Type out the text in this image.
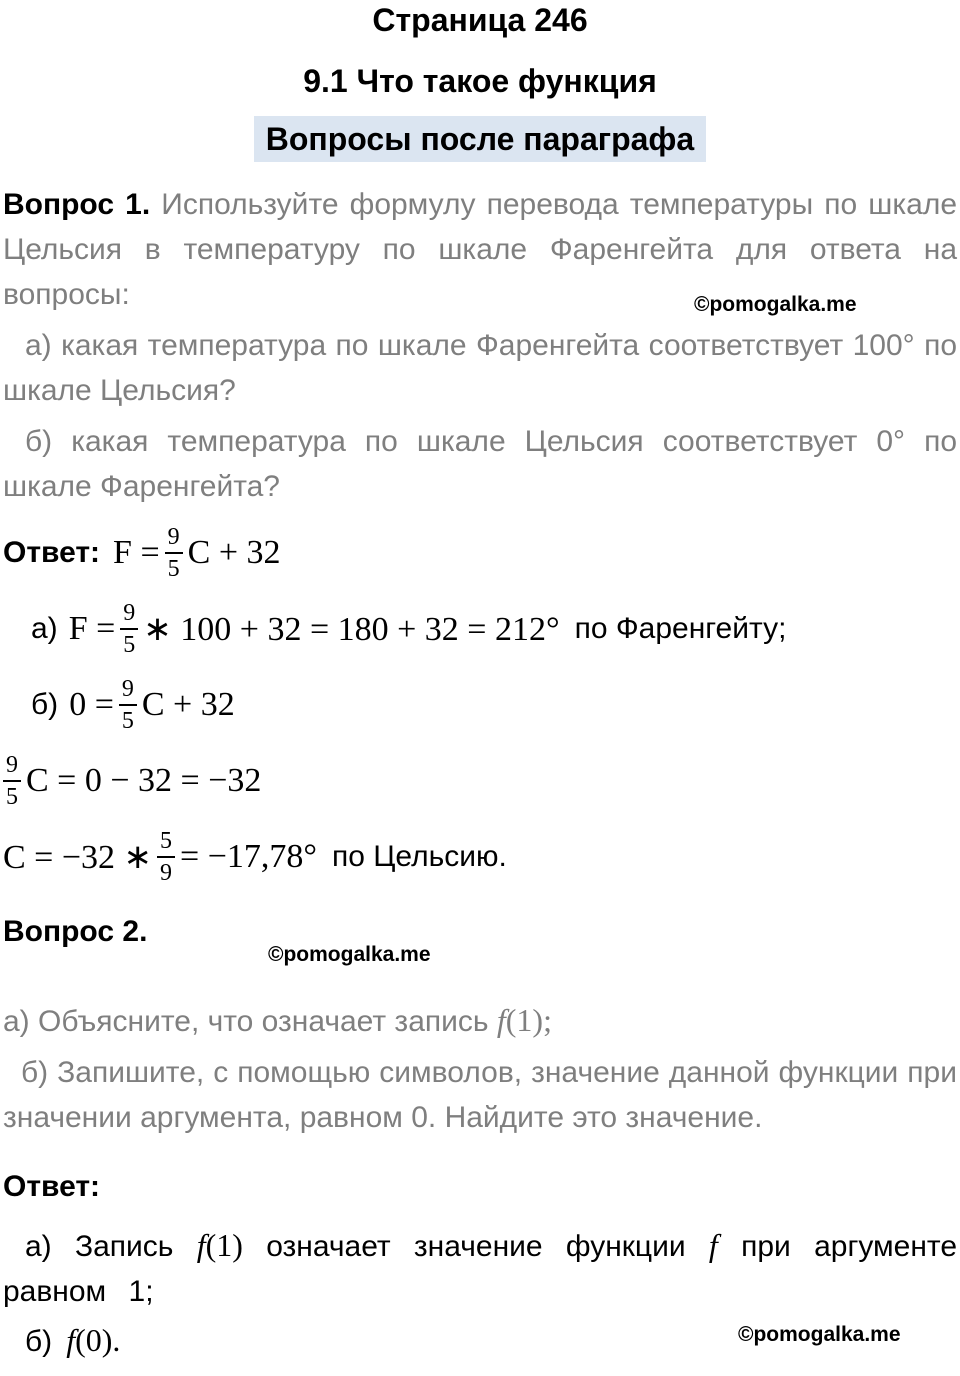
Страница 246
9.1 Что такое функция
Вопросы после параграфа

Вопрос 1. Используйте формулу перевода температуры по шкале Цельсия в температуру по шкале Фаренгейта для ответа на вопросы:

а) какая температура по шкале Фаренгейта соответствует 100° по шкале Цельсия?

б) какая температура по шкале Цельсия соответствует 0° по шкале Фаренгейта?

Ответ: $F = \frac{9}{5}$ C + 32
а) $F = \frac{9}{5}$ ∗ 100 + 32 = 180 + 32 = 212° по Фаренгейту;
б) $0 = \frac{9}{5}$ C + 32
$\frac{9}{5}$ C = 0 − 32 = −32
C = −32 ∗ $\frac{5}{9} = -17,78^\circ$ по Цельсию.

Вопрос 2.

а) Объясните, что означает запись f(1);

б) Запишите, с помощью символов, значение данной функции при значении аргумента, равном 0. Найдите это значение.

Ответ:

а) Запись f(1) означает значение функции f при аргументе равном 1;

б) f(0).

©pomogalka.me
©pomogalka.me
©pomogalka.me
